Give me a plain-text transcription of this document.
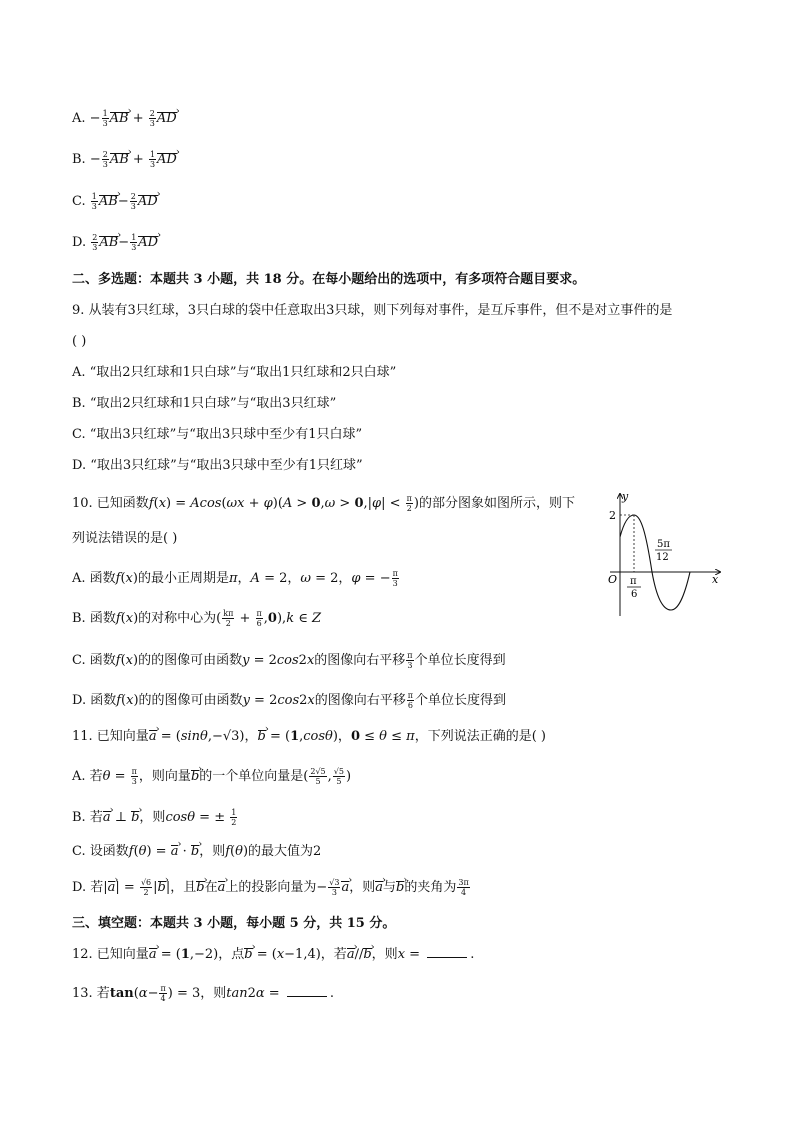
A. − $\frac{1}{3}$ AB › + $\frac{2}{3}$ AD ›
B. − $\frac{2}{3}$ AB › + $\frac{1}{3}$ AD ›
C. $\frac{1}{3}$ AB ›− $\frac{2}{3}$ AD ›
D. $\frac{2}{3}$ AB ›− $\frac{1}{3}$ AD ›
二、多选题：本题共 3 小题，共 18 分。在每小题给出的选项中，有多项符合题目要求。
9. 从装有3只红球，3只白球的袋中任意取出3只球，则下列每对事件，是互斥事件，但不是对立事件的是
( )
A. “取出2只红球和1只白球”与“取出1只红球和2只白球”
B. “取出2只红球和1只白球”与“取出3只红球”
C. “取出3只红球”与“取出3只球中至少有1只白球”
D. “取出3只红球”与“取出3只球中至少有1只红球”
10. 已知函数$f(x) = Acos(\omega x + \varphi)(A > 0,\omega > 0,|\varphi| < \frac{\pi}{2}$ )的部分图象如图所示，则下
列说法错误的是( )
A. 函数f(x)的最小正周期是π，A = 2，ω = 2，φ = − $\frac{\pi}{3}$
B. 函数f(x)的对称中心为( $\frac{k\pi}{2} + \frac{\pi}{6} ,0),k$ ∈ Z
C. 函数f(x)的的图像可由函数y = 2cos2x的图像向右平移 $\frac{\pi}{3}$ 个单位长度得到
D. 函数f(x)的的图像可由函数y = 2cos2x的图像向右平移 $\frac{\pi}{6}$ 个单位长度得到
y
x
O
2
π
6
5π
12
11. 已知向量a › = (sinθ,−√3)，b › = (1,cosθ)，0 ≤ θ ≤ π，下列说法正确的是( )
A. 若$\theta = \frac{\pi}{3}$ ，则向量b ›的一个单位向量是( $\frac{2√5}{5}$ , $\frac{√5}{5}$ )
B. 若a › ⊥ b ›，则cosθ = ± $\frac{1}{2}$
C. 设函数f(θ) = a › · b ›，则f(θ)的最大值为2
D. 若|a ›| = $\frac{√6}{2} |b$ ›|，且b ›在a ›上的投影向量为− $\frac{√3}{3}$ a ›，则a ›与b ›的夹角为 $\frac{3\pi}{4}$
三、填空题：本题共 3 小题，每小题 5 分，共 15 分。
12. 已知向量a › = (1,−2)，点b › = (x−1,4)，若a ›//b ›，则x =	.
13. 若$\tan(\alpha- \frac{\pi}{4}$ ) = 3，则tan2α =	.
